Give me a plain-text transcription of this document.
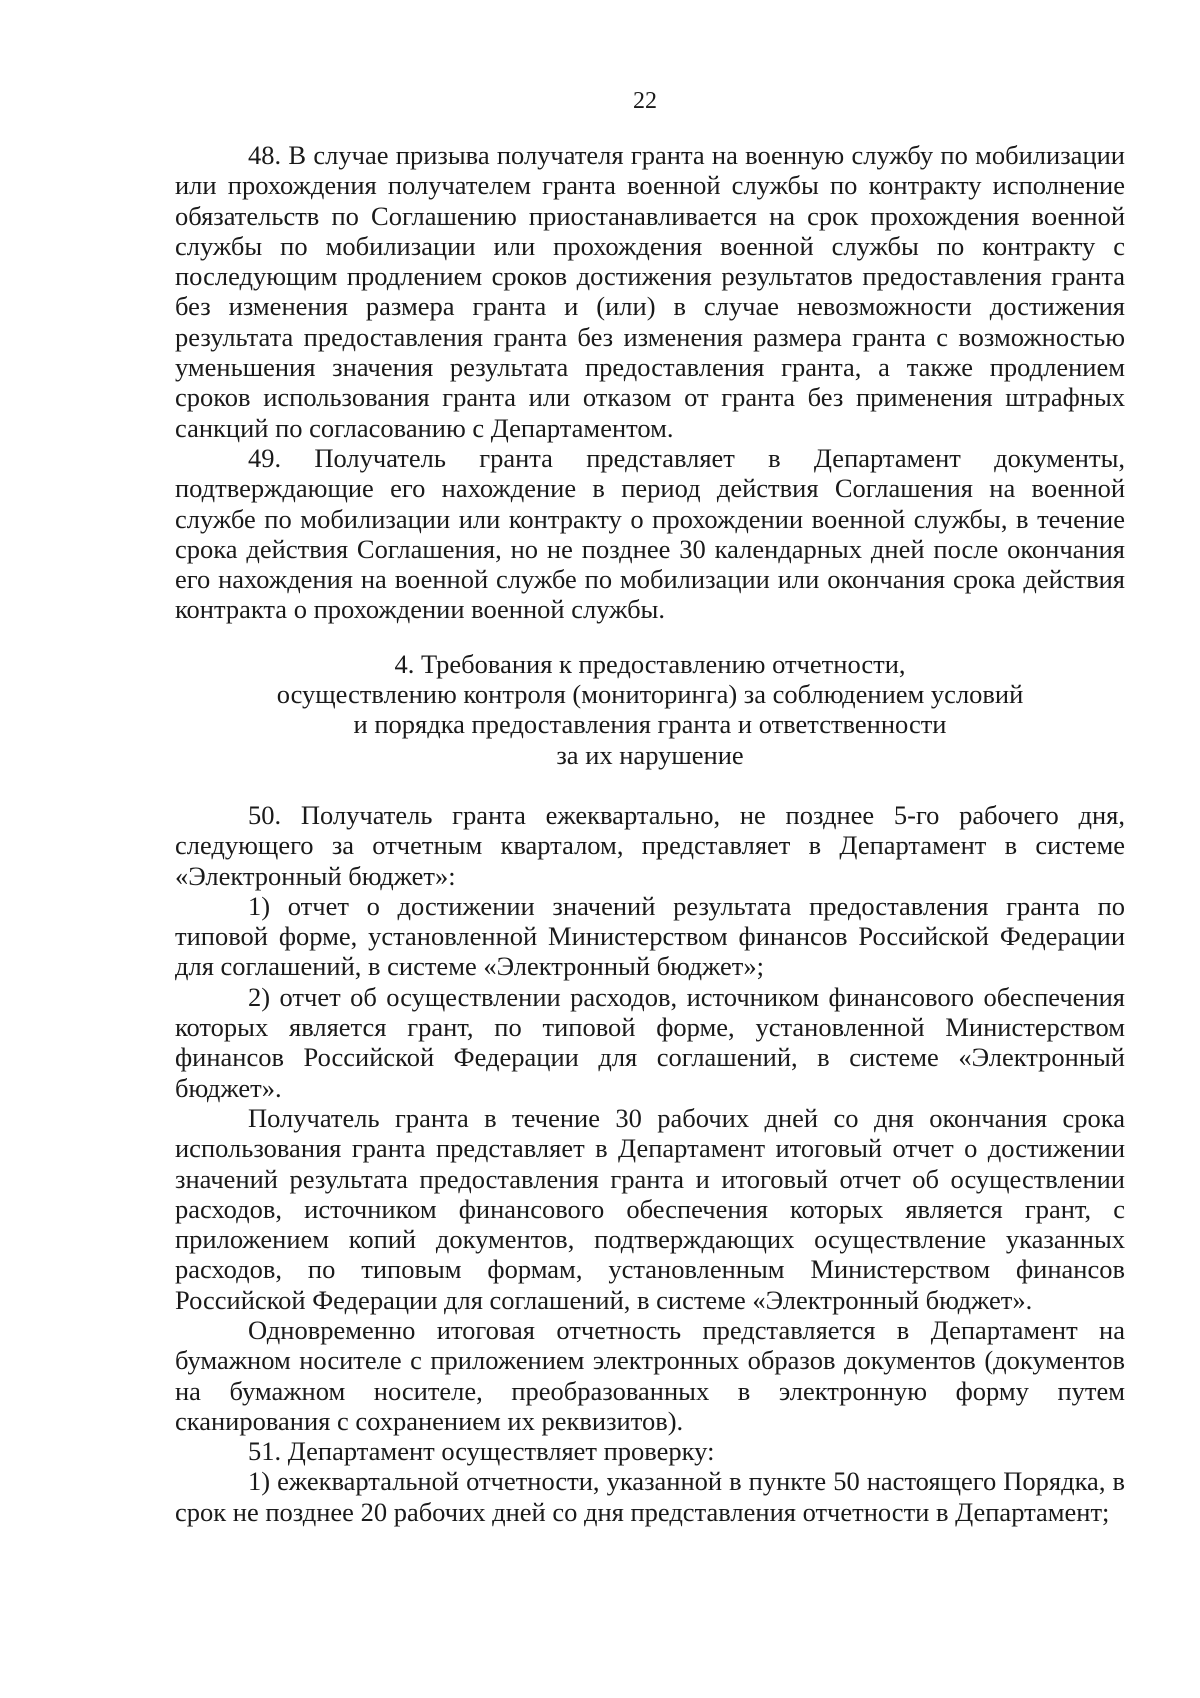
22

48. В случае призыва получателя гранта на военную службу по мобилизации или прохождения получателем гранта военной службы по контракту исполнение обязательств по Соглашению приостанавливается на срок прохождения военной службы по мобилизации или прохождения военной службы по контракту с последующим продлением сроков достижения результатов предоставления гранта без изменения размера гранта и (или) в случае невозможности достижения результата предоставления гранта без изменения размера гранта с возможностью уменьшения значения результата предоставления гранта, а также продлением сроков использования гранта или отказом от гранта без применения штрафных санкций по согласованию с Департаментом.

49. Получатель гранта представляет в Департамент документы, подтверждающие его нахождение в период действия Соглашения на военной службе по мобилизации или контракту о прохождении военной службы, в течение срока действия Соглашения, но не позднее 30 календарных дней после окончания его нахождения на военной службе по мобилизации или окончания срока действия контракта о прохождении военной службы.

4. Требования к предоставлению отчетности,
осуществлению контроля (мониторинга) за соблюдением условий
и порядка предоставления гранта и ответственности
за их нарушение

50. Получатель гранта ежеквартально, не позднее 5-го рабочего дня, следующего за отчетным кварталом, представляет в Департамент в системе «Электронный бюджет»:

1) отчет о достижении значений результата предоставления гранта по типовой форме, установленной Министерством финансов Российской Федерации для соглашений, в системе «Электронный бюджет»;

2) отчет об осуществлении расходов, источником финансового обеспечения которых является грант, по типовой форме, установленной Министерством финансов Российской Федерации для соглашений, в системе «Электронный бюджет».

Получатель гранта в течение 30 рабочих дней со дня окончания срока использования гранта представляет в Департамент итоговый отчет о достижении значений результата предоставления гранта и итоговый отчет об осуществлении расходов, источником финансового обеспечения которых является грант, с приложением копий документов, подтверждающих осуществление указанных расходов, по типовым формам, установленным Министерством финансов Российской Федерации для соглашений, в системе «Электронный бюджет».

Одновременно итоговая отчетность представляется в Департамент на бумажном носителе с приложением электронных образов документов (документов на бумажном носителе, преобразованных в электронную форму путем сканирования с сохранением их реквизитов).

51. Департамент осуществляет проверку:

1) ежеквартальной отчетности, указанной в пункте 50 настоящего Порядка, в срок не позднее 20 рабочих дней со дня представления отчетности в Департамент;
